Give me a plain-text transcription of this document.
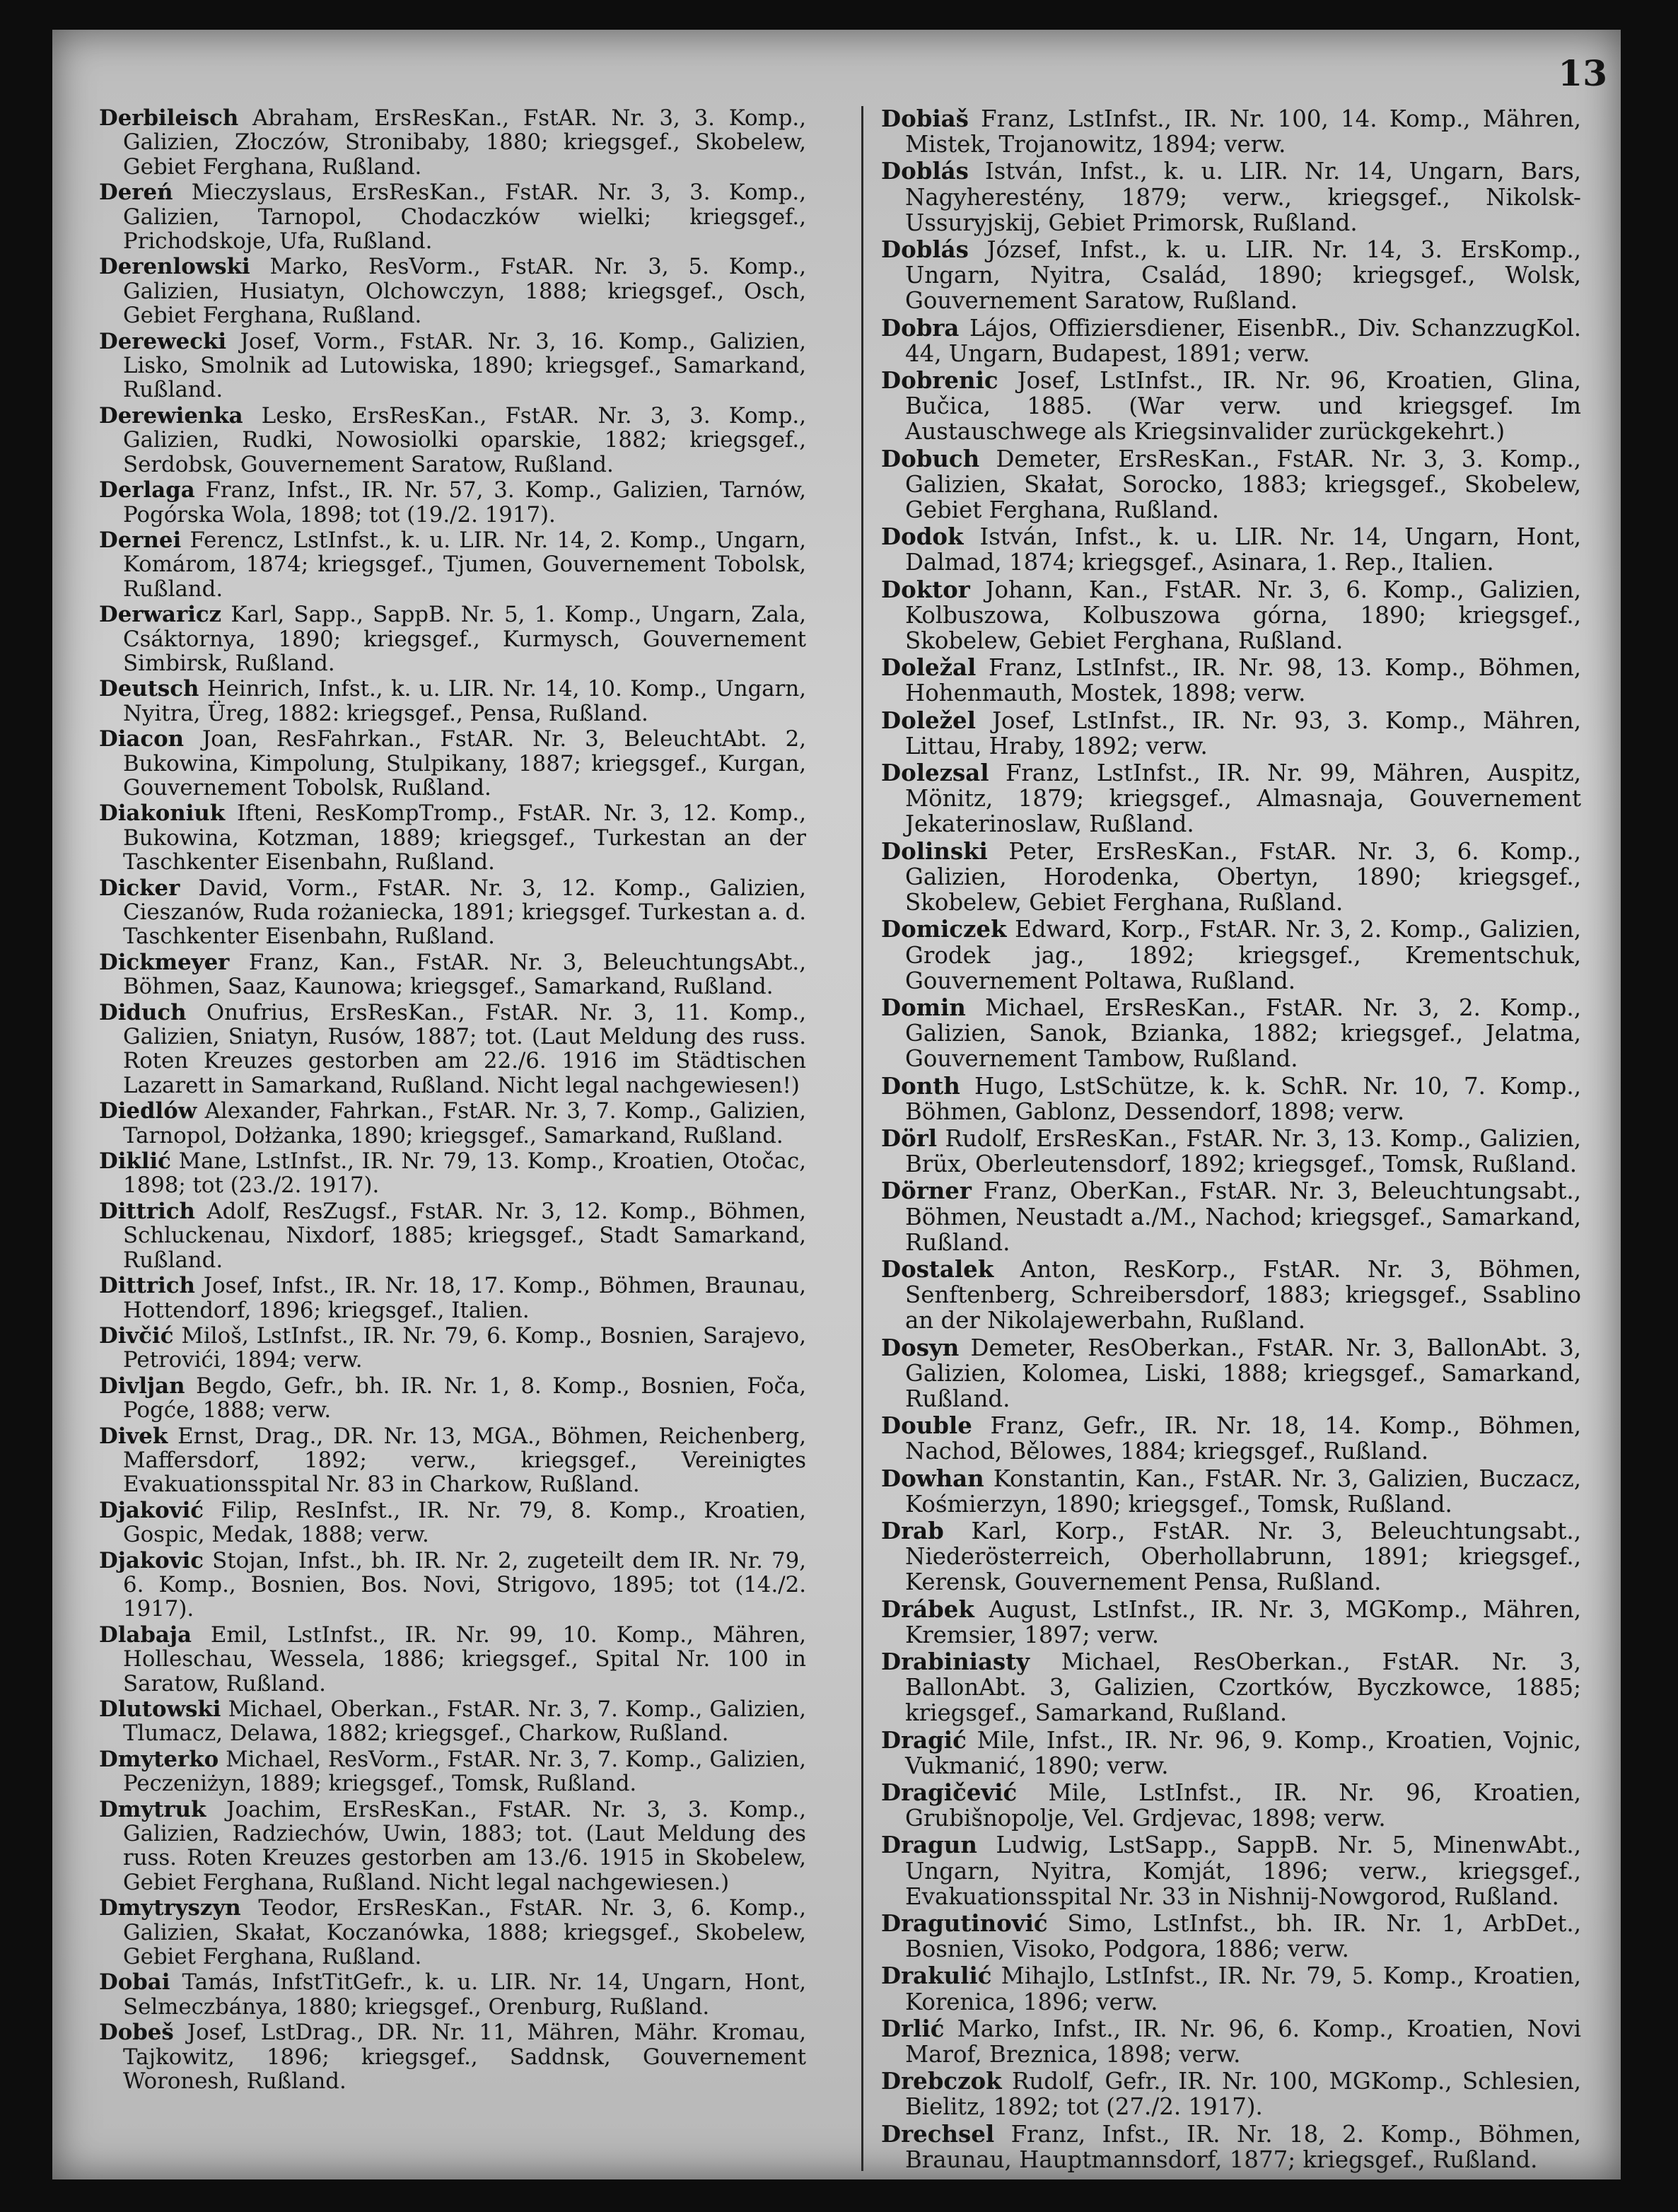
13

Derbileisch Abraham, ErsResKan., FstAR. Nr. 3, 3. Komp., Galizien, Złoczów, Stronibaby, 1880; kriegsgef., Skobelew, Gebiet Ferghana, Rußland.

Dereń Mieczyslaus, ErsResKan., FstAR. Nr. 3, 3. Komp., Galizien, Tarnopol, Chodaczków wielki; kriegsgef., Prichodskoje, Ufa, Rußland.

Derenlowski Marko, ResVorm., FstAR. Nr. 3, 5. Komp., Galizien, Husiatyn, Olchowczyn, 1888; kriegsgef., Osch, Gebiet Ferghana, Rußland.

Derewecki Josef, Vorm., FstAR. Nr. 3, 16. Komp., Galizien, Lisko, Smolnik ad Lutowiska, 1890; kriegsgef., Samarkand, Rußland.

Derewienka Lesko, ErsResKan., FstAR. Nr. 3, 3. Komp., Galizien, Rudki, Nowosiolki oparskie, 1882; kriegsgef., Serdobsk, Gouvernement Saratow, Rußland.

Derlaga Franz, Infst., IR. Nr. 57, 3. Komp., Galizien, Tarnów, Pogórska Wola, 1898; tot (19./2. 1917).

Dernei Ferencz, LstInfst., k. u. LIR. Nr. 14, 2. Komp., Ungarn, Komárom, 1874; kriegsgef., Tjumen, Gouvernement Tobolsk, Rußland.

Derwaricz Karl, Sapp., SappB. Nr. 5, 1. Komp., Ungarn, Zala, Csáktornya, 1890; kriegsgef., Kurmysch, Gouvernement Simbirsk, Rußland.

Deutsch Heinrich, Infst., k. u. LIR. Nr. 14, 10. Komp., Ungarn, Nyitra, Üreg, 1882: kriegsgef., Pensa, Rußland.

Diacon Joan, ResFahrkan., FstAR. Nr. 3, BeleuchtAbt. 2, Bukowina, Kimpolung, Stulpikany, 1887; kriegsgef., Kurgan, Gouvernement Tobolsk, Rußland.

Diakoniuk Ifteni, ResKompTromp., FstAR. Nr. 3, 12. Komp., Bukowina, Kotzman, 1889; kriegsgef., Turkestan an der Taschkenter Eisenbahn, Rußland.

Dicker David, Vorm., FstAR. Nr. 3, 12. Komp., Galizien, Cieszanów, Ruda rożaniecka, 1891; kriegsgef. Turkestan a. d. Taschkenter Eisenbahn, Rußland.

Dickmeyer Franz, Kan., FstAR. Nr. 3, BeleuchtungsAbt., Böhmen, Saaz, Kaunowa; kriegsgef., Samarkand, Rußland.

Diduch Onufrius, ErsResKan., FstAR. Nr. 3, 11. Komp., Galizien, Sniatyn, Rusów, 1887; tot. (Laut Meldung des russ. Roten Kreuzes gestorben am 22./6. 1916 im Städtischen Lazarett in Samarkand, Rußland. Nicht legal nachgewiesen!)

Diedlów Alexander, Fahrkan., FstAR. Nr. 3, 7. Komp., Galizien, Tarnopol, Dołżanka, 1890; kriegsgef., Samarkand, Rußland.

Diklić Mane, LstInfst., IR. Nr. 79, 13. Komp., Kroatien, Otočac, 1898; tot (23./2. 1917).

Dittrich Adolf, ResZugsf., FstAR. Nr. 3, 12. Komp., Böhmen, Schluckenau, Nixdorf, 1885; kriegsgef., Stadt Samarkand, Rußland.

Dittrich Josef, Infst., IR. Nr. 18, 17. Komp., Böhmen, Braunau, Hottendorf, 1896; kriegsgef., Italien.

Divčić Miloš, LstInfst., IR. Nr. 79, 6. Komp., Bosnien, Sarajevo, Petrovići, 1894; verw.

Divljan Begdo, Gefr., bh. IR. Nr. 1, 8. Komp., Bosnien, Foča, Pogće, 1888; verw.

Divek Ernst, Drag., DR. Nr. 13, MGA., Böhmen, Reichenberg, Maffersdorf, 1892; verw., kriegsgef., Vereinigtes Evakuationsspital Nr. 83 in Charkow, Rußland.

Djaković Filip, ResInfst., IR. Nr. 79, 8. Komp., Kroatien, Gospic, Medak, 1888; verw.

Djakovic Stojan, Infst., bh. IR. Nr. 2, zugeteilt dem IR. Nr. 79, 6. Komp., Bosnien, Bos. Novi, Strigovo, 1895; tot (14./2. 1917).

Dlabaja Emil, LstInfst., IR. Nr. 99, 10. Komp., Mähren, Holleschau, Wessela, 1886; kriegsgef., Spital Nr. 100 in Saratow, Rußland.

Dlutowski Michael, Oberkan., FstAR. Nr. 3, 7. Komp., Galizien, Tlumacz, Delawa, 1882; kriegsgef., Charkow, Rußland.

Dmyterko Michael, ResVorm., FstAR. Nr. 3, 7. Komp., Galizien, Peczeniżyn, 1889; kriegsgef., Tomsk, Rußland.

Dmytruk Joachim, ErsResKan., FstAR. Nr. 3, 3. Komp., Galizien, Radziechów, Uwin, 1883; tot. (Laut Meldung des russ. Roten Kreuzes gestorben am 13./6. 1915 in Skobelew, Gebiet Ferghana, Rußland. Nicht legal nachgewiesen.)

Dmytryszyn Teodor, ErsResKan., FstAR. Nr. 3, 6. Komp., Galizien, Skałat, Koczanówka, 1888; kriegsgef., Skobelew, Gebiet Ferghana, Rußland.

Dobai Tamás, InfstTitGefr., k. u. LIR. Nr. 14, Ungarn, Hont, Selmeczbánya, 1880; kriegsgef., Orenburg, Rußland.

Dobeš Josef, LstDrag., DR. Nr. 11, Mähren, Mähr. Kromau, Tajkowitz, 1896; kriegsgef., Saddnsk, Gouvernement Woronesh, Rußland.

Dobiaš Franz, LstInfst., IR. Nr. 100, 14. Komp., Mähren, Mistek, Trojanowitz, 1894; verw.

Doblás István, Infst., k. u. LIR. Nr. 14, Ungarn, Bars, Nagyherestény, 1879; verw., kriegsgef., Nikolsk-Ussuryjskij, Gebiet Primorsk, Rußland.

Doblás József, Infst., k. u. LIR. Nr. 14, 3. ErsKomp., Ungarn, Nyitra, Család, 1890; kriegsgef., Wolsk, Gouvernement Saratow, Rußland.

Dobra Lájos, Offiziersdiener, EisenbR., Div. SchanzzugKol. 44, Ungarn, Budapest, 1891; verw.

Dobrenic Josef, LstInfst., IR. Nr. 96, Kroatien, Glina, Bučica, 1885. (War verw. und kriegsgef. Im Austauschwege als Kriegsinvalider zurückgekehrt.)

Dobuch Demeter, ErsResKan., FstAR. Nr. 3, 3. Komp., Galizien, Skałat, Sorocko, 1883; kriegsgef., Skobelew, Gebiet Ferghana, Rußland.

Dodok István, Infst., k. u. LIR. Nr. 14, Ungarn, Hont, Dalmad, 1874; kriegsgef., Asinara, 1. Rep., Italien.

Doktor Johann, Kan., FstAR. Nr. 3, 6. Komp., Galizien, Kolbuszowa, Kolbuszowa górna, 1890; kriegsgef., Skobelew, Gebiet Ferghana, Rußland.

Doležal Franz, LstInfst., IR. Nr. 98, 13. Komp., Böhmen, Hohenmauth, Mostek, 1898; verw.

Doležel Josef, LstInfst., IR. Nr. 93, 3. Komp., Mähren, Littau, Hraby, 1892; verw.

Dolezsal Franz, LstInfst., IR. Nr. 99, Mähren, Auspitz, Mönitz, 1879; kriegsgef., Almasnaja, Gouvernement Jekaterinoslaw, Rußland.

Dolinski Peter, ErsResKan., FstAR. Nr. 3, 6. Komp., Galizien, Horodenka, Obertyn, 1890; kriegsgef., Skobelew, Gebiet Ferghana, Rußland.

Domiczek Edward, Korp., FstAR. Nr. 3, 2. Komp., Galizien, Grodek jag., 1892; kriegsgef., Krementschuk, Gouvernement Poltawa, Rußland.

Domin Michael, ErsResKan., FstAR. Nr. 3, 2. Komp., Galizien, Sanok, Bzianka, 1882; kriegsgef., Jelatma, Gouvernement Tambow, Rußland.

Donth Hugo, LstSchütze, k. k. SchR. Nr. 10, 7. Komp., Böhmen, Gablonz, Dessendorf, 1898; verw.

Dörl Rudolf, ErsResKan., FstAR. Nr. 3, 13. Komp., Galizien, Brüx, Oberleutensdorf, 1892; kriegsgef., Tomsk, Rußland.

Dörner Franz, OberKan., FstAR. Nr. 3, Beleuchtungsabt., Böhmen, Neustadt a./M., Nachod; kriegsgef., Samarkand, Rußland.

Dostalek Anton, ResKorp., FstAR. Nr. 3, Böhmen, Senftenberg, Schreibersdorf, 1883; kriegsgef., Ssablino an der Nikolajewerbahn, Rußland.

Dosyn Demeter, ResOberkan., FstAR. Nr. 3, BallonAbt. 3, Galizien, Kolomea, Liski, 1888; kriegsgef., Samarkand, Rußland.

Double Franz, Gefr., IR. Nr. 18, 14. Komp., Böhmen, Nachod, Bělowes, 1884; kriegsgef., Rußland.

Dowhan Konstantin, Kan., FstAR. Nr. 3, Galizien, Buczacz, Kośmierzyn, 1890; kriegsgef., Tomsk, Rußland.

Drab Karl, Korp., FstAR. Nr. 3, Beleuchtungsabt., Niederösterreich, Oberhollabrunn, 1891; kriegsgef., Kerensk, Gouvernement Pensa, Rußland.

Drábek August, LstInfst., IR. Nr. 3, MGKomp., Mähren, Kremsier, 1897; verw.

Drabiniasty Michael, ResOberkan., FstAR. Nr. 3, BallonAbt. 3, Galizien, Czortków, Byczkowce, 1885; kriegsgef., Samarkand, Rußland.

Dragić Mile, Infst., IR. Nr. 96, 9. Komp., Kroatien, Vojnic, Vukmanić, 1890; verw.

Dragičević Mile, LstInfst., IR. Nr. 96, Kroatien, Grubišnopolje, Vel. Grdjevac, 1898; verw.

Dragun Ludwig, LstSapp., SappB. Nr. 5, MinenwAbt., Ungarn, Nyitra, Komját, 1896; verw., kriegsgef., Evakuationsspital Nr. 33 in Nishnij-Nowgorod, Rußland.

Dragutinović Simo, LstInfst., bh. IR. Nr. 1, ArbDet., Bosnien, Visoko, Podgora, 1886; verw.

Drakulić Mihajlo, LstInfst., IR. Nr. 79, 5. Komp., Kroatien, Korenica, 1896; verw.

Drlić Marko, Infst., IR. Nr. 96, 6. Komp., Kroatien, Novi Marof, Breznica, 1898; verw.

Drebczok Rudolf, Gefr., IR. Nr. 100, MGKomp., Schlesien, Bielitz, 1892; tot (27./2. 1917).

Drechsel Franz, Infst., IR. Nr. 18, 2. Komp., Böhmen, Braunau, Hauptmannsdorf, 1877; kriegsgef., Rußland.
